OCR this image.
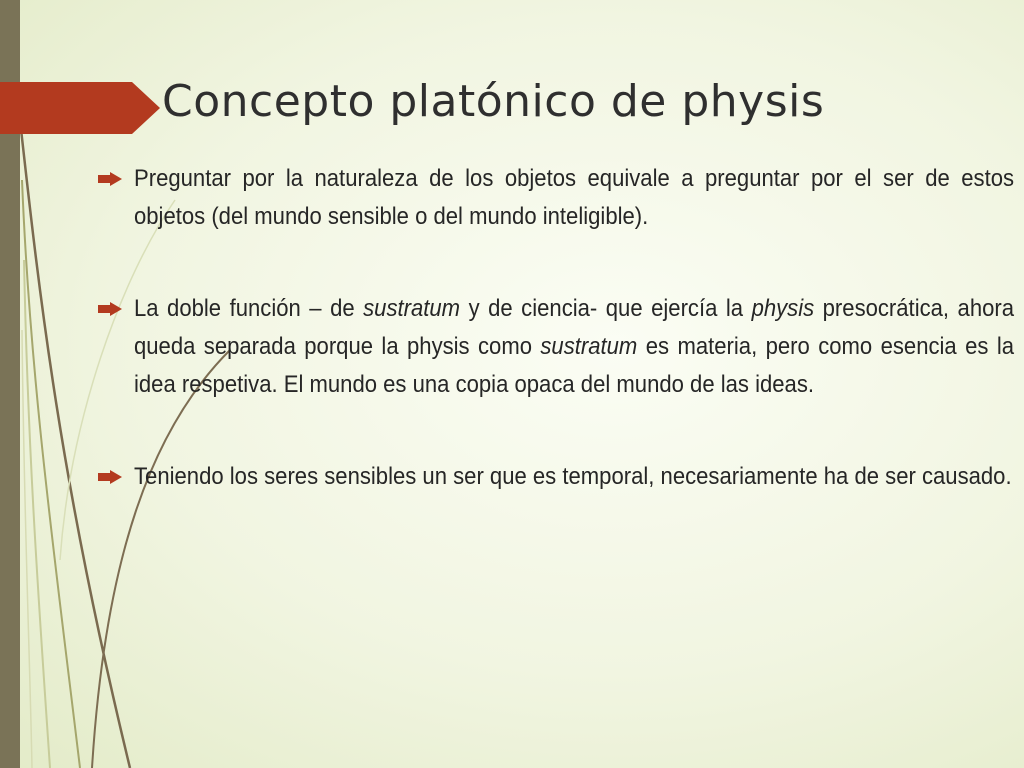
Concepto platónico de physis

Preguntar por la naturaleza de los objetos equivale a preguntar por el ser de estos objetos (del mundo sensible o del mundo inteligible).

La doble función – de sustratum y de ciencia- que ejercía la physis presocrática, ahora queda separada porque la physis como sustratum es materia, pero como esencia es la idea respetiva. El mundo es una copia opaca del mundo de las ideas.

Teniendo los seres sensibles un ser que es temporal, necesariamente ha de ser causado.
